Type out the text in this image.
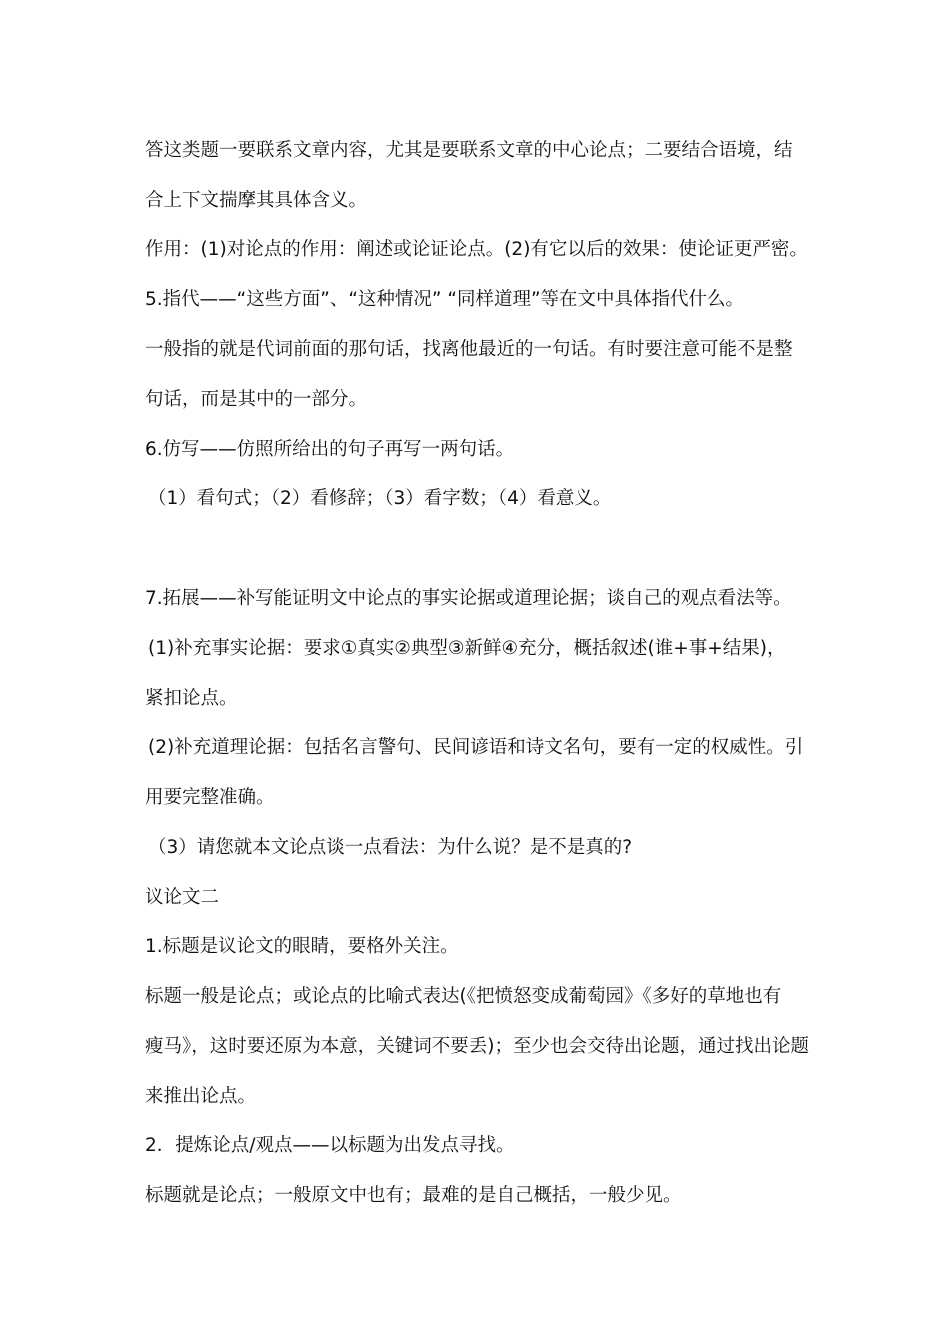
答这类题一要联系文章内容，尤其是要联系文章的中心论点；二要结合语境，结
合上下文揣摩其具体含义。
作用：(1)对论点的作用：阐述或论证论点。(2)有它以后的效果：使论证更严密。
5.指代——“这些方面”、“这种情况” “同样道理”等在文中具体指代什么。
一般指的就是代词前面的那句话，找离他最近的一句话。有时要注意可能不是整
句话，而是其中的一部分。
6.仿写——仿照所给出的句子再写一两句话。
（1）看句式；（2）看修辞；（3）看字数；（4）看意义。
7.拓展——补写能证明文中论点的事实论据或道理论据；谈自己的观点看法等。
(1)补充事实论据：要求①真实②典型③新鲜④充分，概括叙述(谁+事+结果)，
紧扣论点。
(2)补充道理论据：包括名言警句、民间谚语和诗文名句，要有一定的权威性。引
用要完整准确。
（3）请您就本文论点谈一点看法：为什么说？是不是真的?
议论文二
1.标题是议论文的眼睛，要格外关注。
标题一般是论点；或论点的比喻式表达(《把愤怒变成葡萄园》《多好的草地也有
瘦马》，这时要还原为本意，关键词不要丢)；至少也会交待出论题，通过找出论题
来推出论点。
2．提炼论点/观点——以标题为出发点寻找。
标题就是论点；一般原文中也有；最难的是自己概括，一般少见。
